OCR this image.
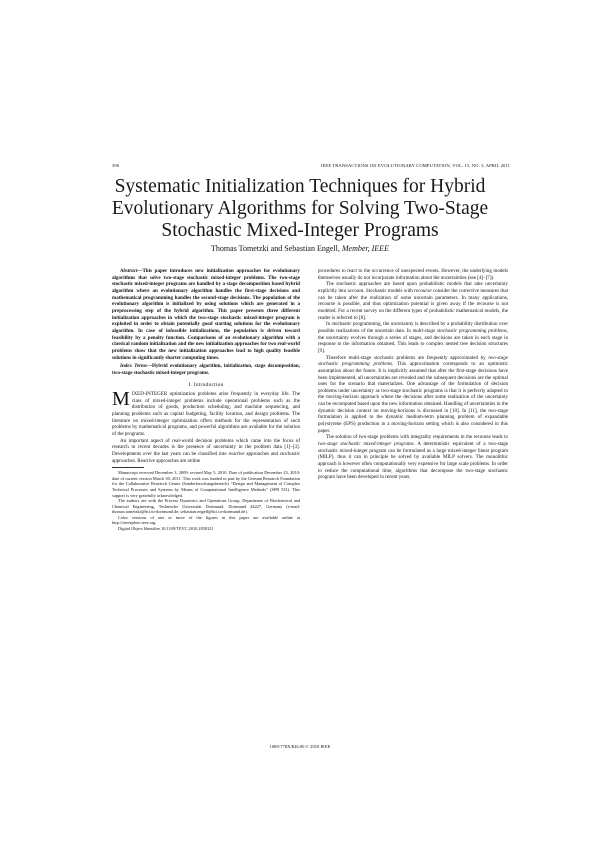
396	IEEE TRANSACTIONS ON EVOLUTIONARY COMPUTATION, VOL. 15, NO. 3, APRIL 2011
Systematic Initialization Techniques for Hybrid
Evolutionary Algorithms for Solving Two-Stage
Stochastic Mixed-Integer Programs
Thomas Tometzki and Sebastian Engell, Member, IEEE

Abstract—This paper introduces new initialization approaches for evolutionary algorithms that solve two-stage stochastic mixed-integer problems. The two-stage stochastic mixed-integer programs are handled by a stage decomposition based hybrid algorithm where an evolutionary algorithm handles the first-stage decisions and mathematical programming handles the second-stage decisions. The population of the evolutionary algorithm is initialized by using solutions which are generated in a preprocessing step of the hybrid algorithm. This paper presents three different initialization approaches in which the two-stage stochastic mixed-integer program is exploited in order to obtain potentially good starting solutions for the evolutionary algorithm. In case of infeasible initializations, the population is driven toward feasibility by a penalty function. Comparisons of an evolutionary algorithm with a classical random initialization and the new initialization approaches for two real-world problems show that the new initialization approaches lead to high quality feasible solutions in significantly shorter computing times.

Index Terms—Hybrid evolutionary algorithm, initialization, stage decomposition, two-stage stochastic mixed-integer programs.

I. Introduction

MIXED-INTEGER optimization problems arise frequently in everyday life. The class of mixed-integer problems include operational problems such as the distribution of goods, production scheduling, and machine sequencing, and planning problems such as capital budgeting, facility location, and design problems. The literature on mixed-integer optimization offers methods for the representation of such problems by mathematical programs, and powerful algorithms are available for the solution of the programs.

An important aspect of real-world decision problems which came into the focus of research in recent decades is the presence of uncertainty in the problem data [1]–[3]. Developments over the last years can be classified into reactive approaches and stochastic approaches. Reactive approaches are online

Manuscript received December 3, 2009; revised May 5, 2010. Date of publication December 23, 2010; date of current version March 30, 2011. This work was funded in part by the German Research Foundation for the Collaborative Research Center (Sonderforschungsbereich) “Design and Management of Complex Technical Processes and Systems by Means of Computational Intelligence Methods” (SFB 531). This support is very gratefully acknowledged.

The authors are with the Process Dynamics and Operations Group, Department of Biochemical and Chemical Engineering, Technische Universität Dortmund, Dortmund 44227, Germany (e-mail: thomas.tometzki@bci.tu-dortmund.de; sebastian.engell@bci.tu-dortmund.de).

Color versions of one or more of the figures in this paper are available online at http://ieeexplore.ieee.org.

Digital Object Identifier 10.1109/TEVC.2010.2058121

procedures to react to the occurrence of unexpected events. However, the underlying models themselves usually do not incorporate information about the uncertainties (see [4]–[7]).

The stochastic approaches are based upon probabilistic models that take uncertainty explicitly into account. Stochastic models with recourse consider the corrective measures that can be taken after the realization of some uncertain parameters. In many applications, recourse is possible, and thus optimization potential is given away if the recourse is not modeled. For a recent survey on the different types of probabilistic mathematical models, the reader is referred to [8].

In stochastic programming, the uncertainty is described by a probability distribution over possible realizations of the uncertain data. In multi-stage stochastic programming problems, the uncertainty evolves through a series of stages, and decisions are taken in each stage in response to the information obtained. This leads to complex nested tree decision structures [9].

Therefore multi-stage stochastic problems are frequently approximated by two-stage stochastic programming problems. This approximation corresponds to an optimistic assumption about the future. It is implicitly assumed that after the first-stage decisions have been implemented, all uncertainties are revealed and the subsequent decisions are the optimal ones for the scenario that materializes. One advantage of the formulation of decision problems under uncertainty as two-stage stochastic programs is that it is perfectly adapted to the moving-horizon approach where the decisions after some realization of the uncertainty can be recomputed based upon the new information obtained. Handling of uncertainties in the dynamic decision context on moving-horizons is discussed in [10]. In [11], the two-stage formulation is applied to the dynamic medium-term planning problem of expandable polystyrene (EPS) production in a moving-horizon setting which is also considered in this paper.

The solution of two-stage problems with integrality requirements in the recourse leads to two-stage stochastic mixed-integer programs. A deterministic equivalent of a two-stage stochastic mixed-integer program can be formulated as a large mixed-integer linear program (MILP), thus it can in principle be solved by available MILP solvers. The monolithic approach is however often computationally very expensive for large scale problems. In order to reduce the computational time, algorithms that decompose the two-stage stochastic program have been developed in recent years.

1089-778X/$26.00 © 2010 IEEE
